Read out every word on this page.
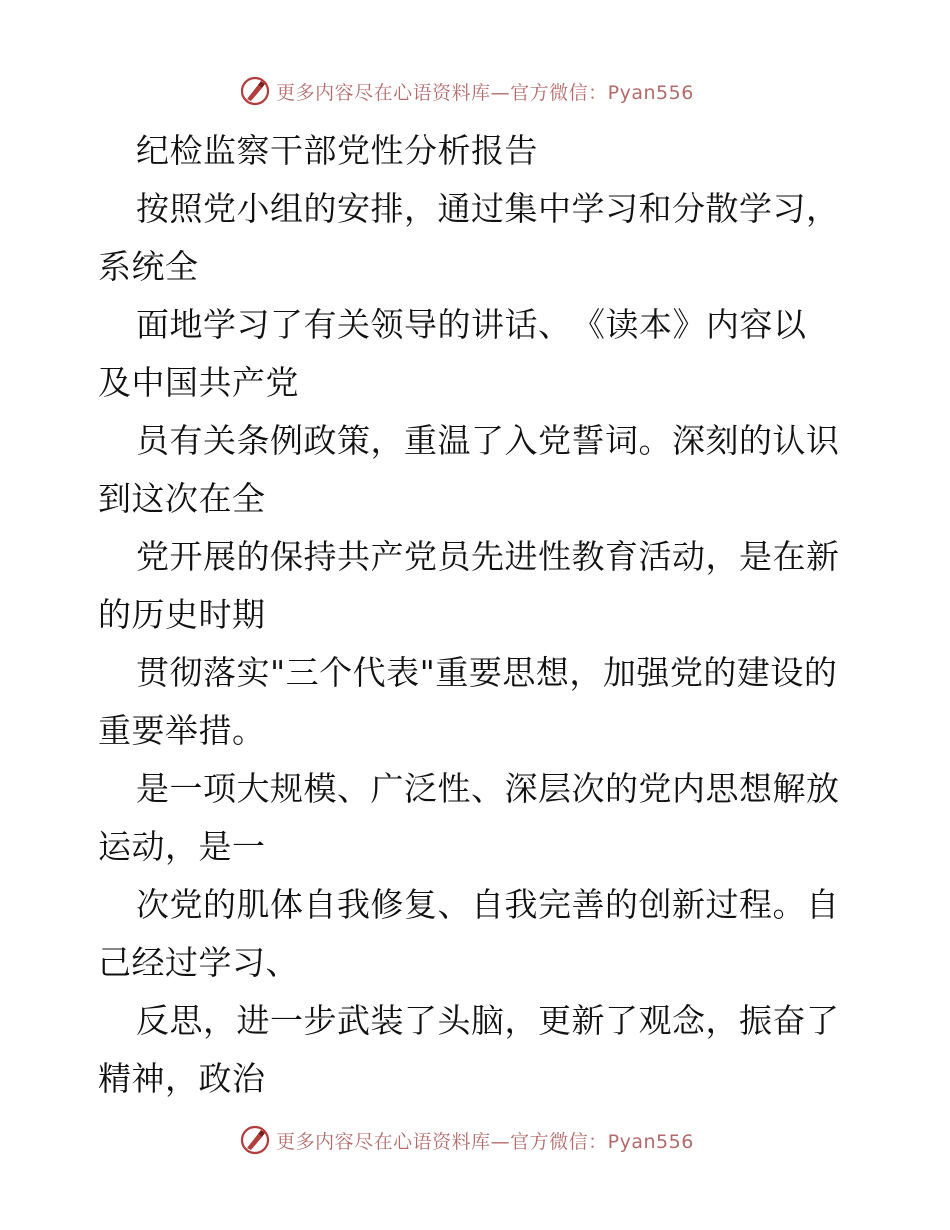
更多内容尽在心语资料库—官方微信：Pyan556
纪检监察干部党性分析报告
按照党小组的安排，通过集中学习和分散学习，
系统全
面地学习了有关领导的讲话、　《读本》内容以
及中国共产党
员有关条例政策，重温了入党誓词。深刻的认识
到这次在全
党开展的保持共产党员先进性教育活动，是在新
的历史时期
贯彻落实"三个代表"重要思想，加强党的建设的
重要举措。
是一项大规模、广泛性、深层次的党内思想解放
运动，是一
次党的肌体自我修复、自我完善的创新过程。自
己经过学习、
反思，进一步武装了头脑，更新了观念，振奋了
精神，政治
更多内容尽在心语资料库—官方微信：Pyan556
